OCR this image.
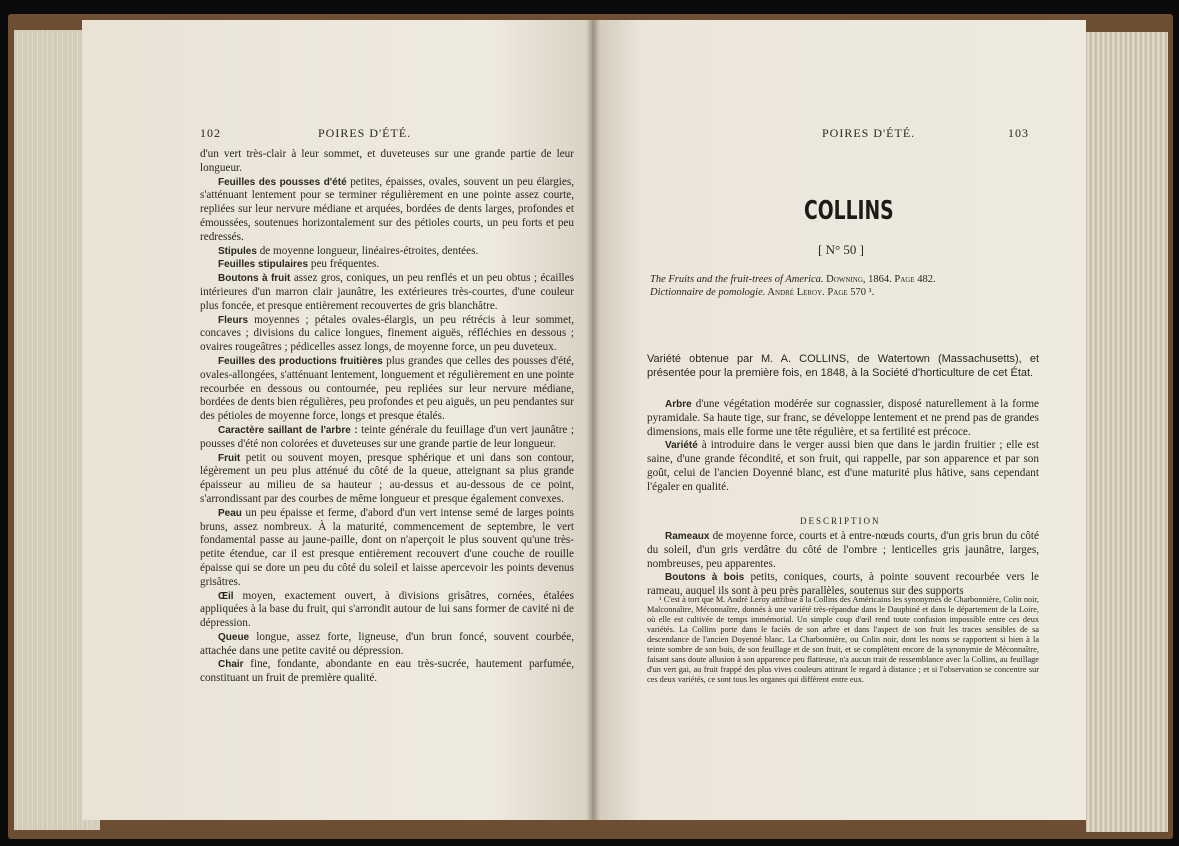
102	POIRES D'ÉTÉ.

d'un vert très-clair à leur sommet, et duveteuses sur une grande partie de leur longueur.

Feuilles des pousses d'été petites, épaisses, ovales, souvent un peu élargies, s'atténuant lentement pour se terminer régulièrement en une pointe assez courte, repliées sur leur nervure médiane et arquées, bordées de dents larges, profondes et émoussées, soutenues horizontalement sur des pétioles courts, un peu forts et peu redressés.

Stipules de moyenne longueur, linéaires-étroites, dentées.

Feuilles stipulaires peu fréquentes.

Boutons à fruit assez gros, coniques, un peu renflés et un peu obtus ; écailles intérieures d'un marron clair jaunâtre, les extérieures très-courtes, d'une couleur plus foncée, et presque entièrement recouvertes de gris blanchâtre.

Fleurs moyennes ; pétales ovales-élargis, un peu rétrécis à leur sommet, concaves ; divisions du calice longues, finement aiguës, réfléchies en dessous ; ovaires rougeâtres ; pédicelles assez longs, de moyenne force, un peu duveteux.

Feuilles des productions fruitières plus grandes que celles des pousses d'été, ovales-allongées, s'atténuant lentement, longuement et régulièrement en une pointe recourbée en dessous ou contournée, peu repliées sur leur nervure médiane, bordées de dents bien régulières, peu profondes et peu aiguës, un peu pendantes sur des pétioles de moyenne force, longs et presque étalés.

Caractère saillant de l'arbre : teinte générale du feuillage d'un vert jaunâtre ; pousses d'été non colorées et duveteuses sur une grande partie de leur longueur.

Fruit petit ou souvent moyen, presque sphérique et uni dans son contour, légèrement un peu plus atténué du côté de la queue, atteignant sa plus grande épaisseur au milieu de sa hauteur ; au-dessus et au-dessous de ce point, s'arrondissant par des courbes de même longueur et presque également convexes.

Peau un peu épaisse et ferme, d'abord d'un vert intense semé de larges points bruns, assez nombreux. À la maturité, commencement de septembre, le vert fondamental passe au jaune-paille, dont on n'aperçoit le plus souvent qu'une très-petite étendue, car il est presque entièrement recouvert d'une couche de rouille épaisse qui se dore un peu du côté du soleil et laisse apercevoir les points devenus grisâtres.

Œil moyen, exactement ouvert, à divisions grisâtres, cornées, étalées appliquées à la base du fruit, qui s'arrondit autour de lui sans former de cavité ni de dépression.

Queue longue, assez forte, ligneuse, d'un brun foncé, souvent courbée, attachée dans une petite cavité ou dépression.

Chair fine, fondante, abondante en eau très-sucrée, hautement parfumée, constituant un fruit de première qualité.

POIRES D'ÉTÉ.	103
COLLINS
[ N° 50 ]
The Fruits and the fruit-trees of America. Downing, 1864. Page 482.
Dictionnaire de pomologie. André Leroy. Page 570 ¹.
Variété obtenue par M. A. COLLINS, de Watertown (Massachusetts), et présentée pour la première fois, en 1848, à la Société d'horticulture de cet État.

Arbre d'une végétation modérée sur cognassier, disposé naturellement à la forme pyramidale. Sa haute tige, sur franc, se développe lentement et ne prend pas de grandes dimensions, mais elle forme une tête régulière, et sa fertilité est précoce.

Variété à introduire dans le verger aussi bien que dans le jardin fruitier ; elle est saine, d'une grande fécondité, et son fruit, qui rappelle, par son apparence et par son goût, celui de l'ancien Doyenné blanc, est d'une maturité plus hâtive, sans cependant l'égaler en qualité.

DESCRIPTION

Rameaux de moyenne force, courts et à entre-nœuds courts, d'un gris brun du côté du soleil, d'un gris verdâtre du côté de l'ombre ; lenticelles gris jaunâtre, larges, nombreuses, peu apparentes.

Boutons à bois petits, coniques, courts, à pointe souvent recourbée vers le rameau, auquel ils sont à peu près parallèles, soutenus sur des supports

¹ C'est à tort que M. André Leroy attribue à la Collins des Américains les synonymes de Charbonnière, Colin noir, Malconnaître, Méconnaître, donnés à une variété très-répandue dans le Dauphiné et dans le département de la Loire, où elle est cultivée de temps immémorial. Un simple coup d'œil rend toute confusion impossible entre ces deux variétés. La Collins porte dans le faciès de son arbre et dans l'aspect de son fruit les traces sensibles de sa descendance de l'ancien Doyenné blanc. La Charbonnière, ou Colin noir, dont les noms se rapportent si bien à la teinte sombre de son bois, de son feuillage et de son fruit, et se complètent encore de la synonymie de Méconnaître, faisant sans doute allusion à son apparence peu flatteuse, n'a aucun trait de ressemblance avec la Collins, au feuillage d'un vert gai, au fruit frappé des plus vives couleurs attirant le regard à distance ; et si l'observation se concentre sur ces deux variétés, ce sont tous les organes qui diffèrent entre eux.
